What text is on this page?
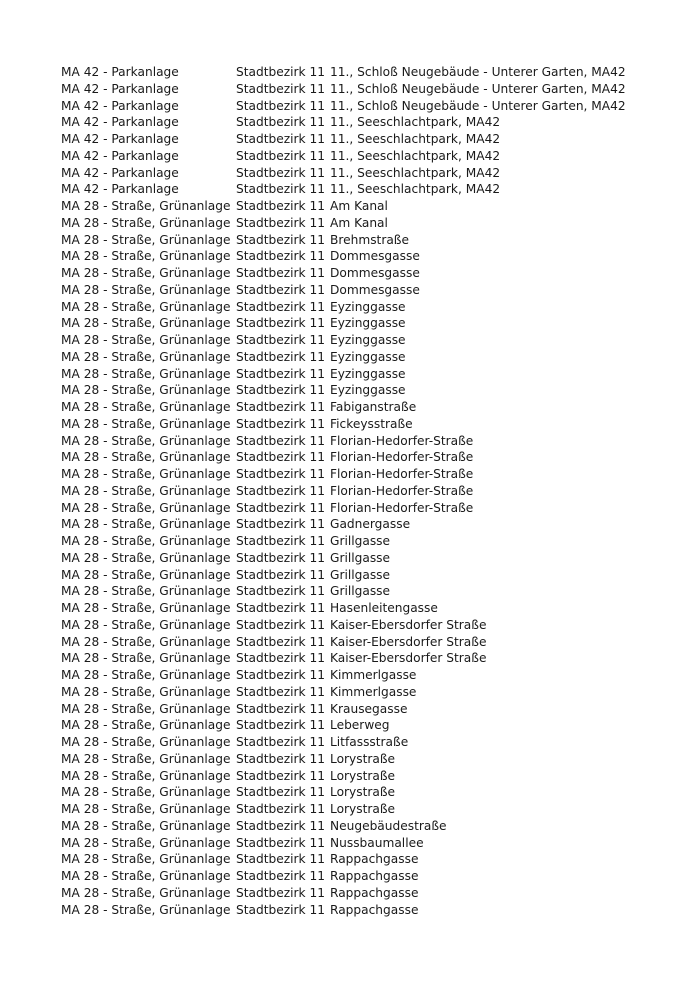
MA 42 - Parkanlage	Stadtbezirk 11	11., Schloß Neugebäude - Unterer Garten, MA42
MA 42 - Parkanlage	Stadtbezirk 11	11., Schloß Neugebäude - Unterer Garten, MA42
MA 42 - Parkanlage	Stadtbezirk 11	11., Schloß Neugebäude - Unterer Garten, MA42
MA 42 - Parkanlage	Stadtbezirk 11	11., Seeschlachtpark, MA42
MA 42 - Parkanlage	Stadtbezirk 11	11., Seeschlachtpark, MA42
MA 42 - Parkanlage	Stadtbezirk 11	11., Seeschlachtpark, MA42
MA 42 - Parkanlage	Stadtbezirk 11	11., Seeschlachtpark, MA42
MA 42 - Parkanlage	Stadtbezirk 11	11., Seeschlachtpark, MA42
MA 28 - Straße, Grünanlage	Stadtbezirk 11	Am Kanal
MA 28 - Straße, Grünanlage	Stadtbezirk 11	Am Kanal
MA 28 - Straße, Grünanlage	Stadtbezirk 11	Brehmstraße
MA 28 - Straße, Grünanlage	Stadtbezirk 11	Dommesgasse
MA 28 - Straße, Grünanlage	Stadtbezirk 11	Dommesgasse
MA 28 - Straße, Grünanlage	Stadtbezirk 11	Dommesgasse
MA 28 - Straße, Grünanlage	Stadtbezirk 11	Eyzinggasse
MA 28 - Straße, Grünanlage	Stadtbezirk 11	Eyzinggasse
MA 28 - Straße, Grünanlage	Stadtbezirk 11	Eyzinggasse
MA 28 - Straße, Grünanlage	Stadtbezirk 11	Eyzinggasse
MA 28 - Straße, Grünanlage	Stadtbezirk 11	Eyzinggasse
MA 28 - Straße, Grünanlage	Stadtbezirk 11	Eyzinggasse
MA 28 - Straße, Grünanlage	Stadtbezirk 11	Fabiganstraße
MA 28 - Straße, Grünanlage	Stadtbezirk 11	Fickeysstraße
MA 28 - Straße, Grünanlage	Stadtbezirk 11	Florian-Hedorfer-Straße
MA 28 - Straße, Grünanlage	Stadtbezirk 11	Florian-Hedorfer-Straße
MA 28 - Straße, Grünanlage	Stadtbezirk 11	Florian-Hedorfer-Straße
MA 28 - Straße, Grünanlage	Stadtbezirk 11	Florian-Hedorfer-Straße
MA 28 - Straße, Grünanlage	Stadtbezirk 11	Florian-Hedorfer-Straße
MA 28 - Straße, Grünanlage	Stadtbezirk 11	Gadnergasse
MA 28 - Straße, Grünanlage	Stadtbezirk 11	Grillgasse
MA 28 - Straße, Grünanlage	Stadtbezirk 11	Grillgasse
MA 28 - Straße, Grünanlage	Stadtbezirk 11	Grillgasse
MA 28 - Straße, Grünanlage	Stadtbezirk 11	Grillgasse
MA 28 - Straße, Grünanlage	Stadtbezirk 11	Hasenleitengasse
MA 28 - Straße, Grünanlage	Stadtbezirk 11	Kaiser-Ebersdorfer Straße
MA 28 - Straße, Grünanlage	Stadtbezirk 11	Kaiser-Ebersdorfer Straße
MA 28 - Straße, Grünanlage	Stadtbezirk 11	Kaiser-Ebersdorfer Straße
MA 28 - Straße, Grünanlage	Stadtbezirk 11	Kimmerlgasse
MA 28 - Straße, Grünanlage	Stadtbezirk 11	Kimmerlgasse
MA 28 - Straße, Grünanlage	Stadtbezirk 11	Krausegasse
MA 28 - Straße, Grünanlage	Stadtbezirk 11	Leberweg
MA 28 - Straße, Grünanlage	Stadtbezirk 11	Litfassstraße
MA 28 - Straße, Grünanlage	Stadtbezirk 11	Lorystraße
MA 28 - Straße, Grünanlage	Stadtbezirk 11	Lorystraße
MA 28 - Straße, Grünanlage	Stadtbezirk 11	Lorystraße
MA 28 - Straße, Grünanlage	Stadtbezirk 11	Lorystraße
MA 28 - Straße, Grünanlage	Stadtbezirk 11	Neugebäudestraße
MA 28 - Straße, Grünanlage	Stadtbezirk 11	Nussbaumallee
MA 28 - Straße, Grünanlage	Stadtbezirk 11	Rappachgasse
MA 28 - Straße, Grünanlage	Stadtbezirk 11	Rappachgasse
MA 28 - Straße, Grünanlage	Stadtbezirk 11	Rappachgasse
MA 28 - Straße, Grünanlage	Stadtbezirk 11	Rappachgasse
